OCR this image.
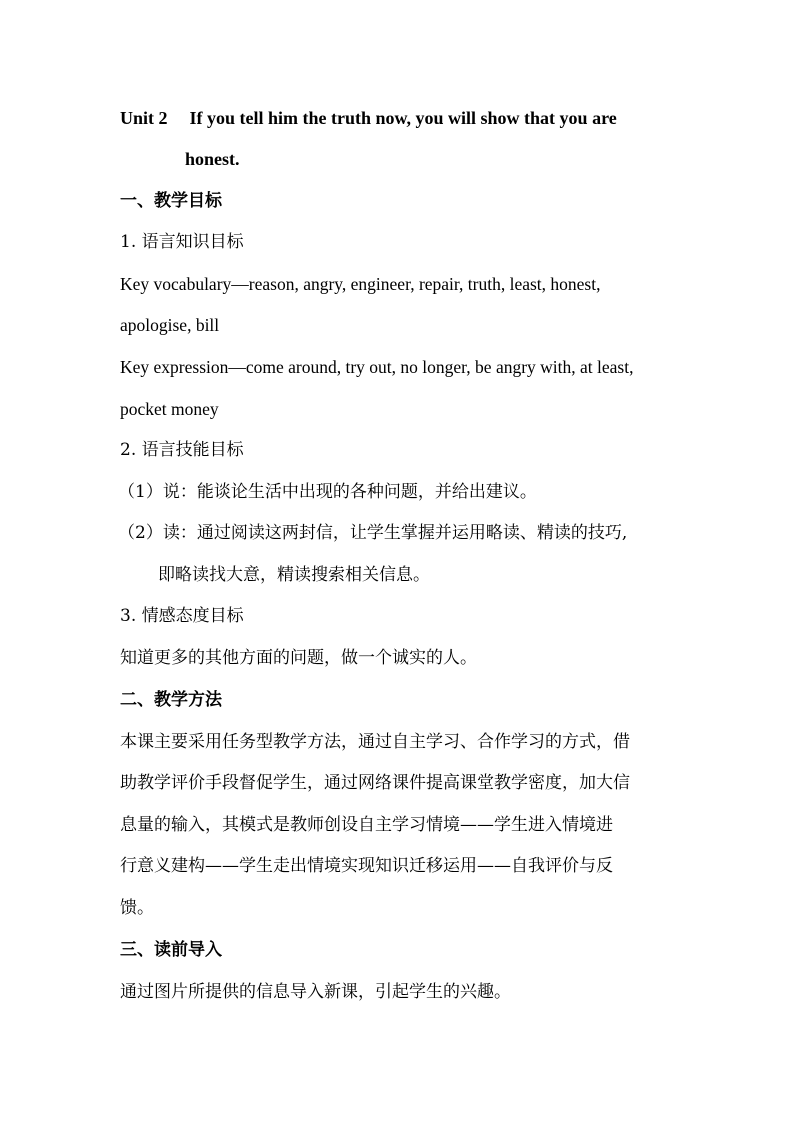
Unit 2 If you tell him the truth now, you will show that you are
honest.
一、教学目标
1. 语言知识目标
Key vocabulary—reason, angry, engineer, repair, truth, least, honest,
apologise, bill
Key expression—come around, try out, no longer, be angry with, at least,
pocket money
2. 语言技能目标
（1）说：能谈论生活中出现的各种问题，并给出建议。
（2）读：通过阅读这两封信，让学生掌握并运用略读、精读的技巧,
即略读找大意，精读搜索相关信息。
3. 情感态度目标
知道更多的其他方面的问题，做一个诚实的人。
二、教学方法
本课主要采用任务型教学方法，通过自主学习、合作学习的方式，借
助教学评价手段督促学生，通过网络课件提高课堂教学密度，加大信
息量的输入，其模式是教师创设自主学习情境——学生进入情境进
行意义建构——学生走出情境实现知识迁移运用——自我评价与反
馈。
三、读前导入
通过图片所提供的信息导入新课，引起学生的兴趣。
